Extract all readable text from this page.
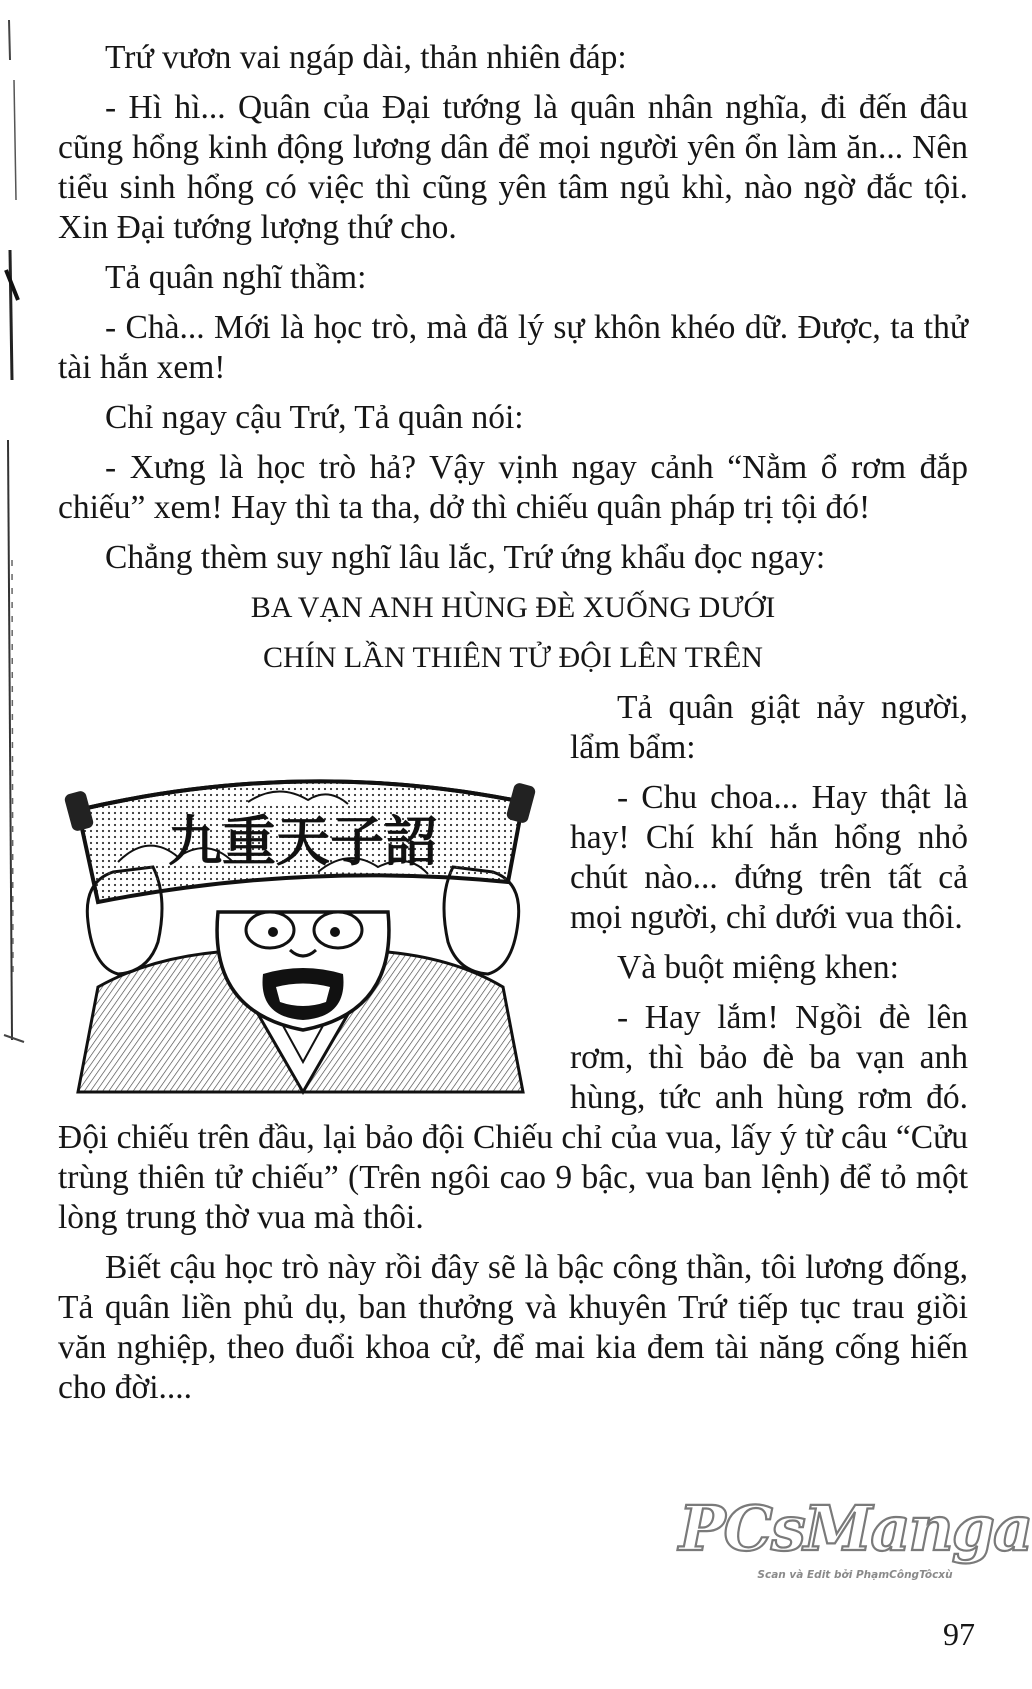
Trứ vươn vai ngáp dài, thản nhiên đáp:

- Hì hì... Quân của Đại tướng là quân nhân nghĩa, đi đến đâu cũng hổng kinh động lương dân để mọi người yên ổn làm ăn... Nên tiểu sinh hổng có việc thì cũng yên tâm ngủ khì, nào ngờ đắc tội. Xin Đại tướng lượng thứ cho.

Tả quân nghĩ thầm:

- Chà... Mới là học trò, mà đã lý sự khôn khéo dữ. Được, ta thử tài hắn xem!

Chỉ ngay cậu Trứ, Tả quân nói:

- Xưng là học trò hả? Vậy vịnh ngay cảnh “Nằm ổ rơm đắp chiếu” xem! Hay thì ta tha, dở thì chiếu quân pháp trị tội đó!

Chẳng thèm suy nghĩ lâu lắc, Trứ ứng khẩu đọc ngay:

BA VẠN ANH HÙNG ĐÈ XUỐNG DƯỚI
CHÍN LẦN THIÊN TỬ ĐỘI LÊN TRÊN
九重天子詔

Tả quân giật nảy người, lẩm bẩm:

- Chu choa... Hay thật là hay! Chí khí hắn hổng nhỏ chút nào... đứng trên tất cả mọi người, chỉ dưới vua thôi.

Và buột miệng khen:

- Hay lắm! Ngồi đè lên rơm, thì bảo đè ba vạn anh hùng, tức anh hùng rơm đó. Đội chiếu trên đầu, lại bảo đội Chiếu chỉ của vua, lấy ý từ câu “Cửu trùng thiên tử chiếu” (Trên ngôi cao 9 bậc, vua ban lệnh) để tỏ một lòng trung thờ vua mà thôi.

Biết cậu học trò này rồi đây sẽ là bậc công thần, tôi lương đống, Tả quân liền phủ dụ, ban thưởng và khuyên Trứ tiếp tục trau giồi văn nghiệp, theo đuổi khoa cử, để mai kia đem tài năng cống hiến cho đời....

PCsManga
Scan và Edit bởi PhạmCôngTôcxù
97
